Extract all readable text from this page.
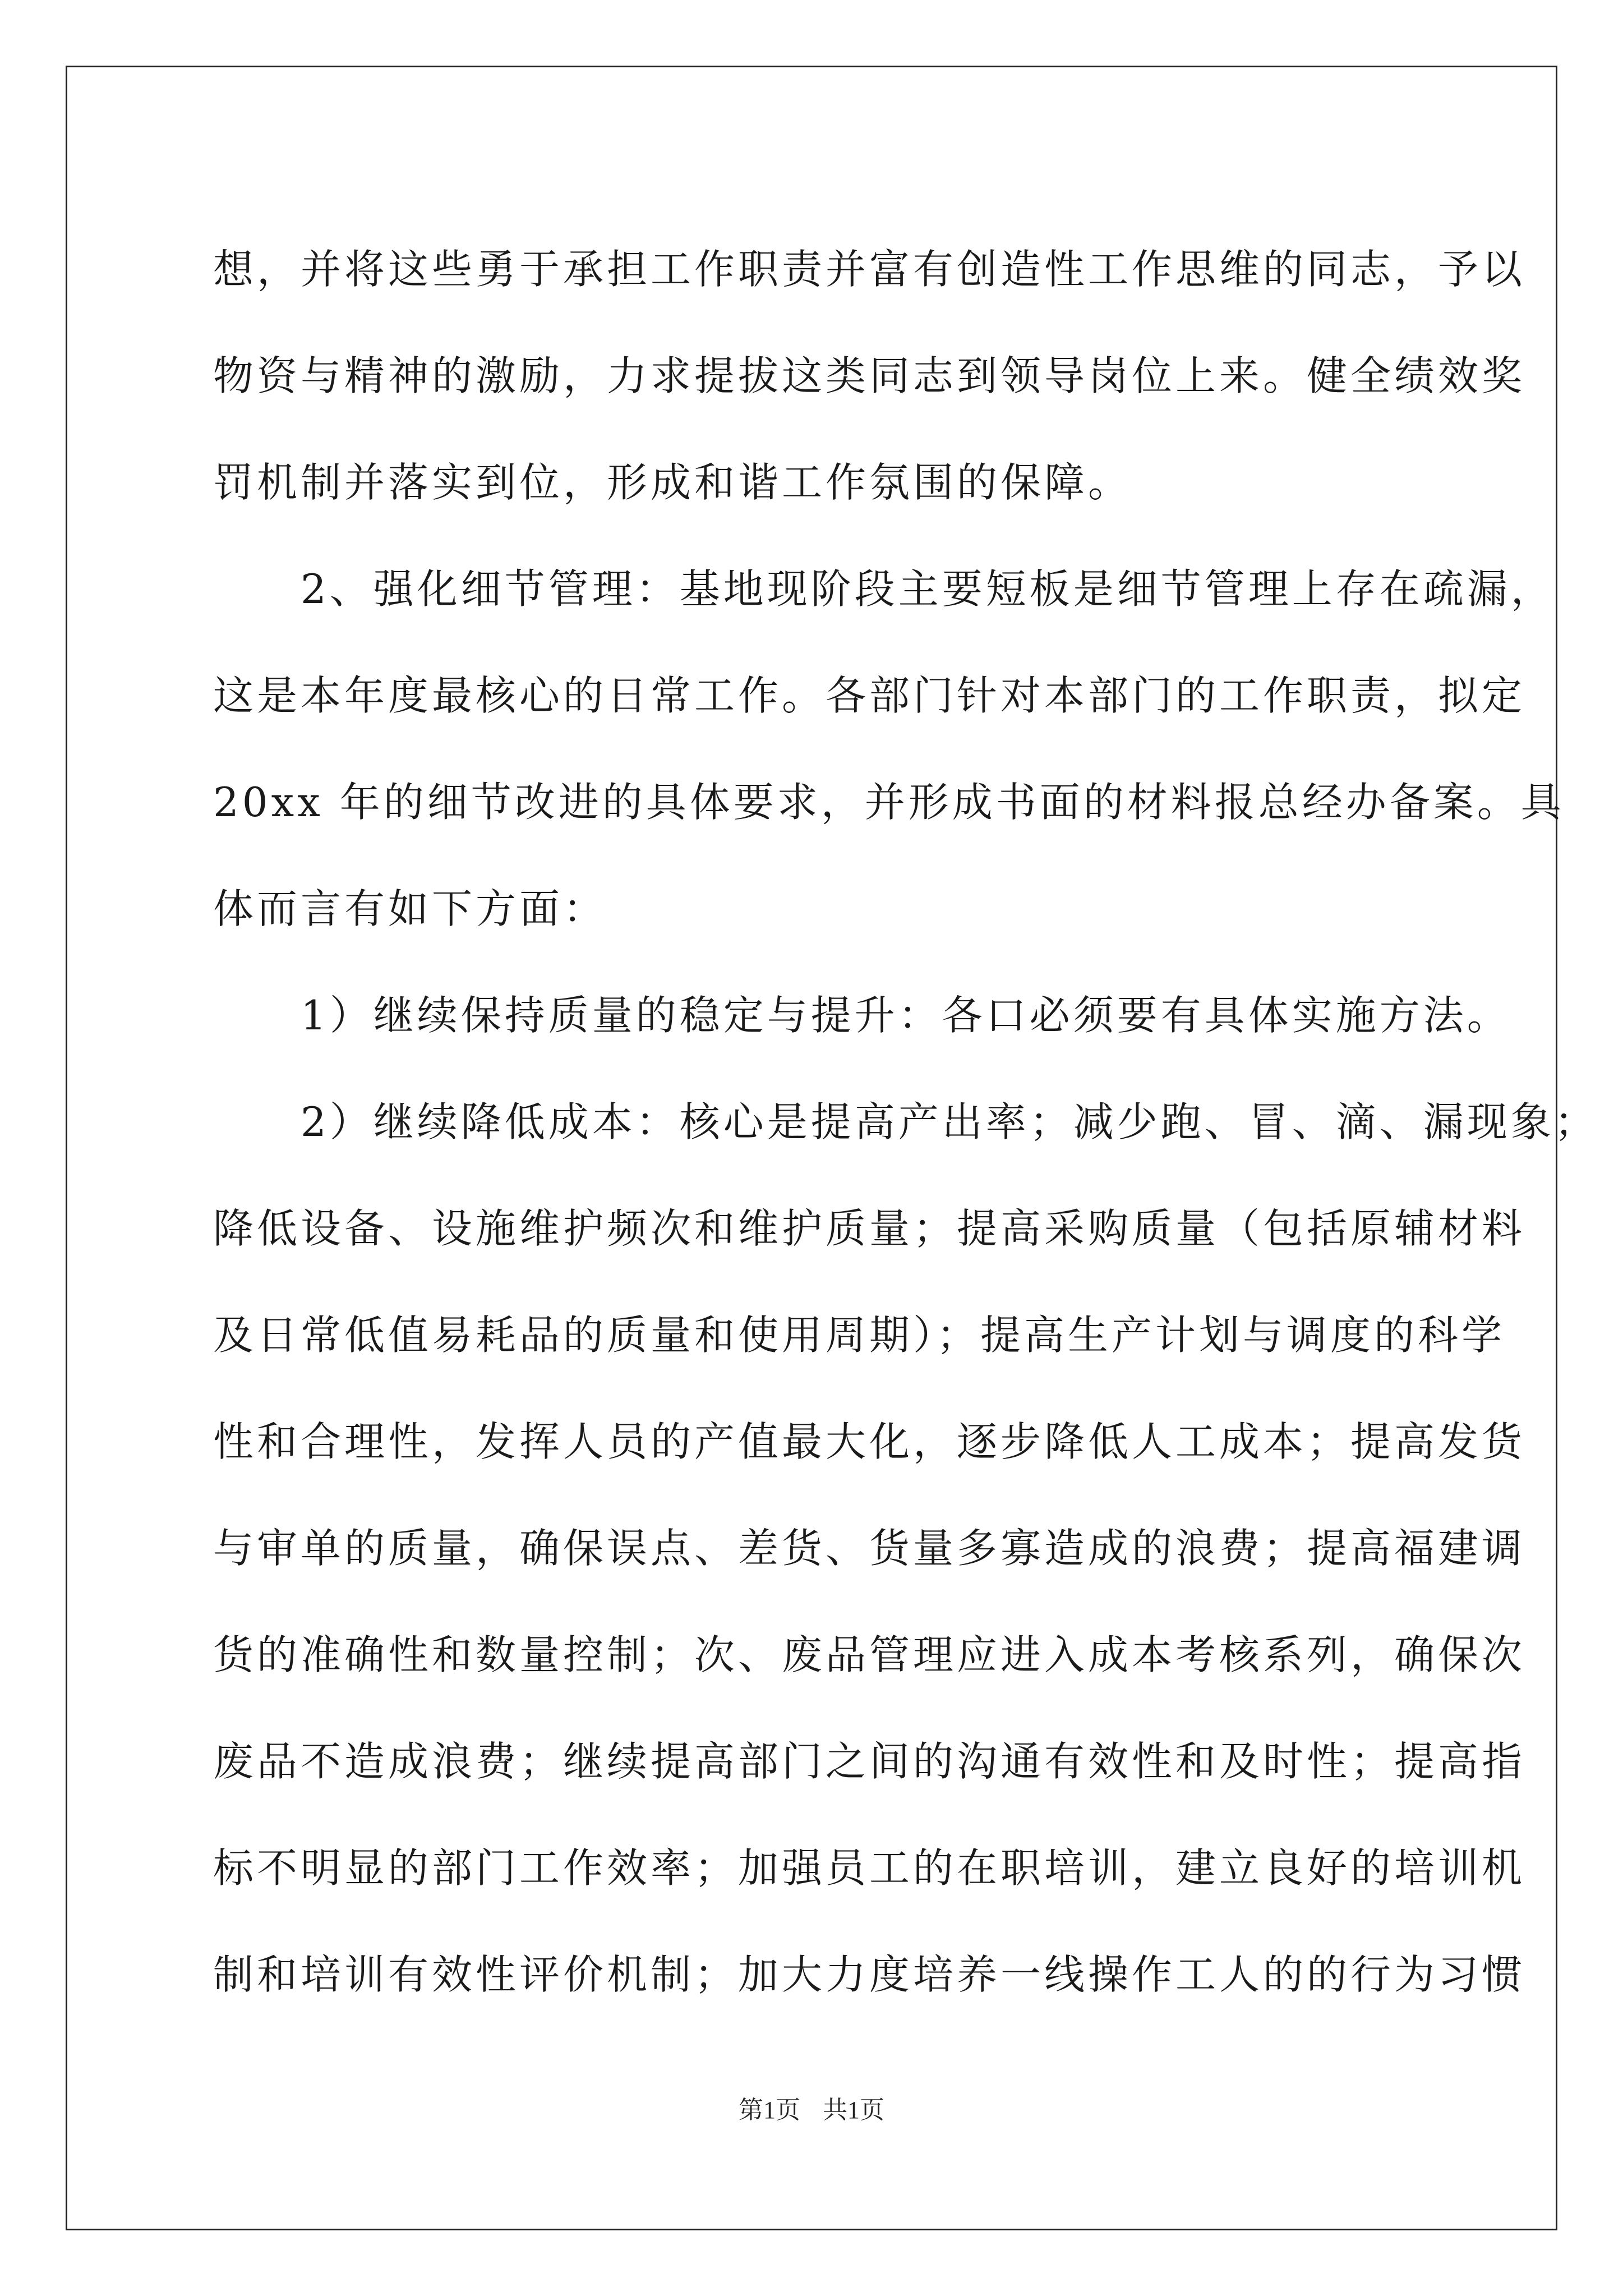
想，并将这些勇于承担工作职责并富有创造性工作思维的同志，予以
物资与精神的激励，力求提拔这类同志到领导岗位上来。健全绩效奖
罚机制并落实到位，形成和谐工作氛围的保障。
　　2、强化细节管理：基地现阶段主要短板是细节管理上存在疏漏，
这是本年度最核心的日常工作。各部门针对本部门的工作职责，拟定
20xx 年的细节改进的具体要求，并形成书面的材料报总经办备案。具
体而言有如下方面：
　　1）继续保持质量的稳定与提升：各口必须要有具体实施方法。
　　2）继续降低成本：核心是提高产出率；减少跑、冒、滴、漏现象；
降低设备、设施维护频次和维护质量；提高采购质量（包括原辅材料
及日常低值易耗品的质量和使用周期）；提高生产计划与调度的科学
性和合理性，发挥人员的产值最大化，逐步降低人工成本；提高发货
与审单的质量，确保误点、差货、货量多寡造成的浪费；提高福建调
货的准确性和数量控制；次、废品管理应进入成本考核系列，确保次
废品不造成浪费；继续提高部门之间的沟通有效性和及时性；提高指
标不明显的部门工作效率；加强员工的在职培训，建立良好的培训机
制和培训有效性评价机制；加大力度培养一线操作工人的的行为习惯
第1页 共1页
